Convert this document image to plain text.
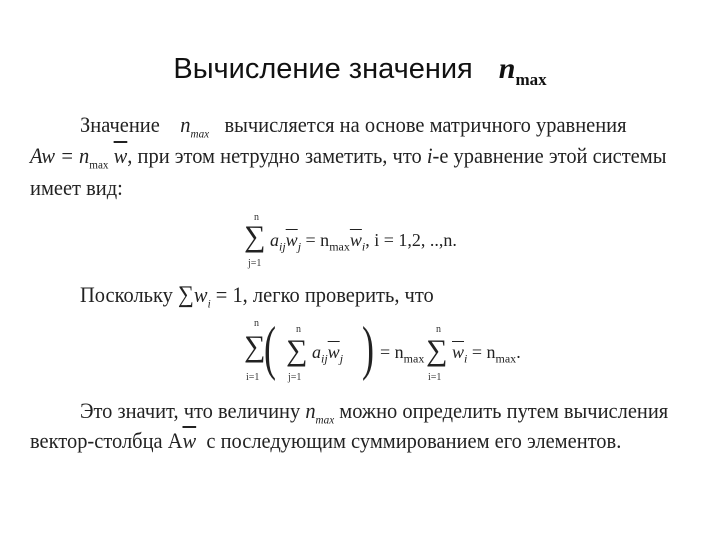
Вычисление значения $n_{max}$
Значение $n_{max}$ вычисляется на основе матричного уравнения
$Aw = n_{max}$ $\overline{w}$, при этом нетрудно заметить, что i-е уравнение этой системы
имеет вид:
n
∑
j=1
$a_{ij}\overline{w}_j = n_{max}\overline{w}_i$, i = 1,2, ..,n.
Поскольку $\sum w_i = 1$, легко проверить, что
n
∑
i=1 ( n
∑
j=1
$a_{ij}\overline{w}_j$ ) = $n_{max}$
n
∑
i=1
$\overline{w}_i = n_{max}$.
Это значит, что величину $n_{max}$ можно определить путем вычисления
вектор-столбца $A\overline{w}$ с последующим суммированием его элементов.
